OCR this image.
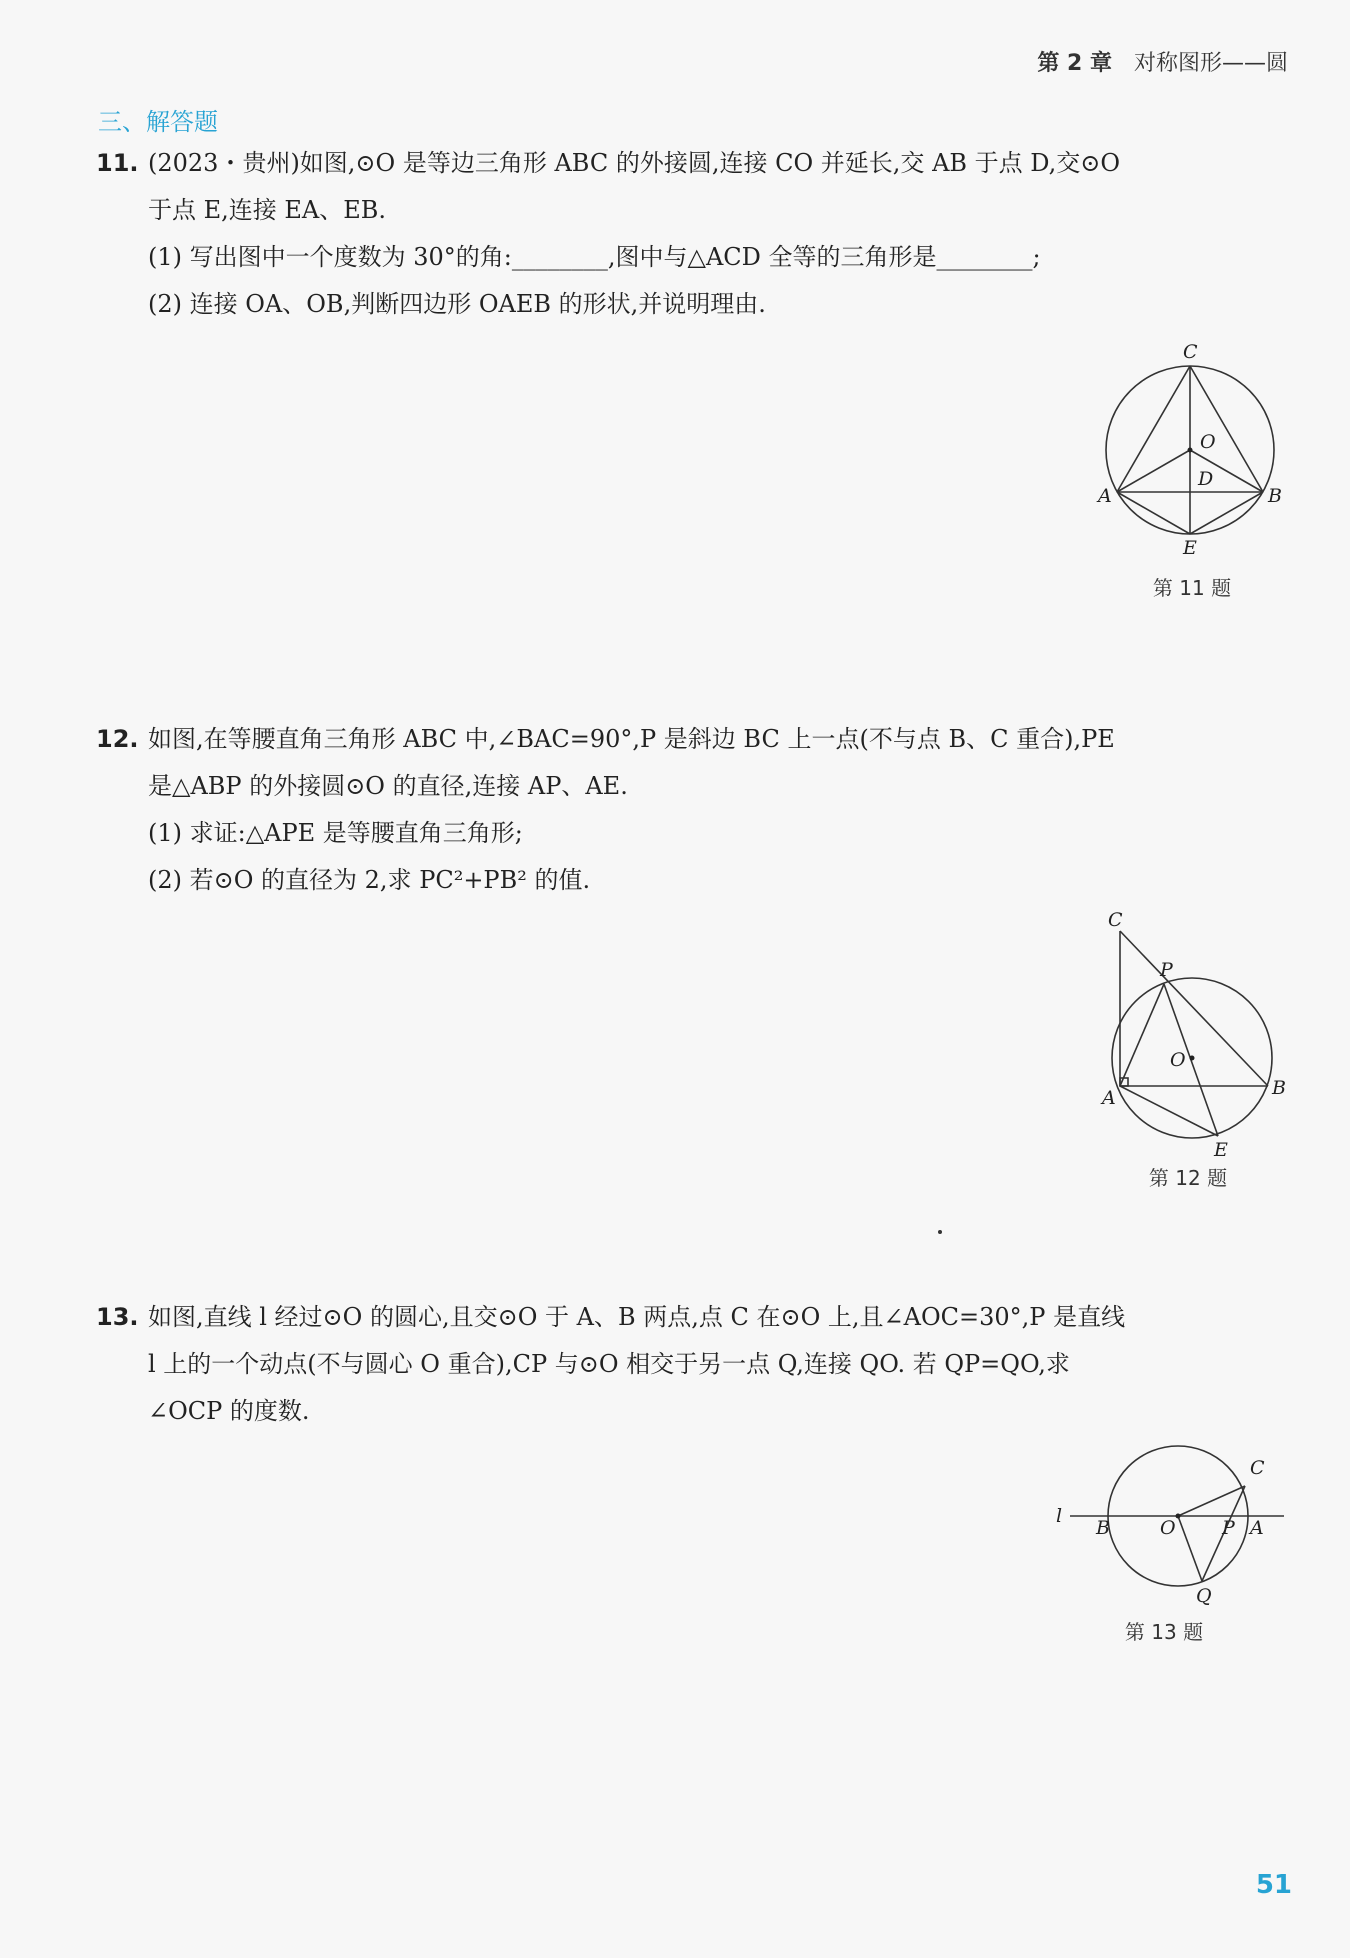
第 2 章 对称图形——圆
三、解答题
11. (2023・贵州)如图,⊙O 是等边三角形 ABC 的外接圆,连接 CO 并延长,交 AB 于点 D,交⊙O
于点 E,连接 EA、EB.
(1) 写出图中一个度数为 30°的角:________,图中与△ACD 全等的三角形是________;
(2) 连接 OA、OB,判断四边形 OAEB 的形状,并说明理由.
C
O
D
A	B
E
第 11 题
12. 如图,在等腰直角三角形 ABC 中,∠BAC=90°,P 是斜边 BC 上一点(不与点 B、C 重合),PE
是△ABP 的外接圆⊙O 的直径,连接 AP、AE.
(1) 求证:△APE 是等腰直角三角形;
(2) 若⊙O 的直径为 2,求 PC²+PB² 的值.
C
P
O
A	B
E
第 12 题
13. 如图,直线 l 经过⊙O 的圆心,且交⊙O 于 A、B 两点,点 C 在⊙O 上,且∠AOC=30°,P 是直线
l 上的一个动点(不与圆心 O 重合),CP 与⊙O 相交于另一点 Q,连接 QO. 若 QP=QO,求
∠OCP 的度数.
l
B	O P A
C
Q
第 13 题
51
